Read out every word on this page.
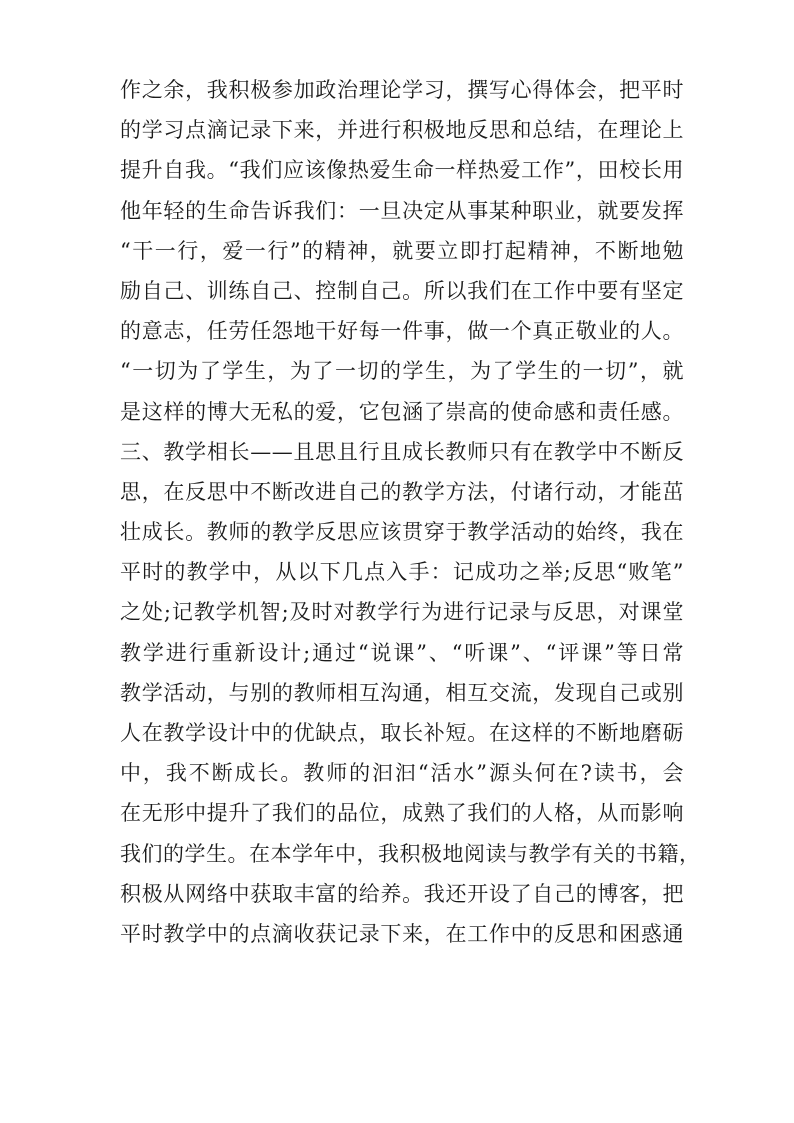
作之余，我积极参加政治理论学习，撰写心得体会，把平时
的学习点滴记录下来，并进行积极地反思和总结，在理论上
提升自我。“我们应该像热爱生命一样热爱工作”，田校长用
他年轻的生命告诉我们：一旦决定从事某种职业，就要发挥
“干一行，爱一行”的精神，就要立即打起精神，不断地勉
励自己、训练自己、控制自己。所以我们在工作中要有坚定
的意志，任劳任怨地干好每一件事，做一个真正敬业的人。
“一切为了学生，为了一切的学生，为了学生的一切”，就
是这样的博大无私的爱，它包涵了崇高的使命感和责任感。
三、教学相长——且思且行且成长教师只有在教学中不断反
思，在反思中不断改进自己的教学方法，付诸行动，才能茁
壮成长。教师的教学反思应该贯穿于教学活动的始终，我在
平时的教学中，从以下几点入手：记成功之举;反思“败笔”
之处;记教学机智;及时对教学行为进行记录与反思，对课堂
教学进行重新设计;通过“说课”、“听课”、“评课”等日常
教学活动，与别的教师相互沟通，相互交流，发现自己或别
人在教学设计中的优缺点，取长补短。在这样的不断地磨砺
中，我不断成长。教师的汩汩“活水”源头何在?读书，会
在无形中提升了我们的品位，成熟了我们的人格，从而影响
我们的学生。在本学年中，我积极地阅读与教学有关的书籍，
积极从网络中获取丰富的给养。我还开设了自己的博客，把
平时教学中的点滴收获记录下来，在工作中的反思和困惑通
